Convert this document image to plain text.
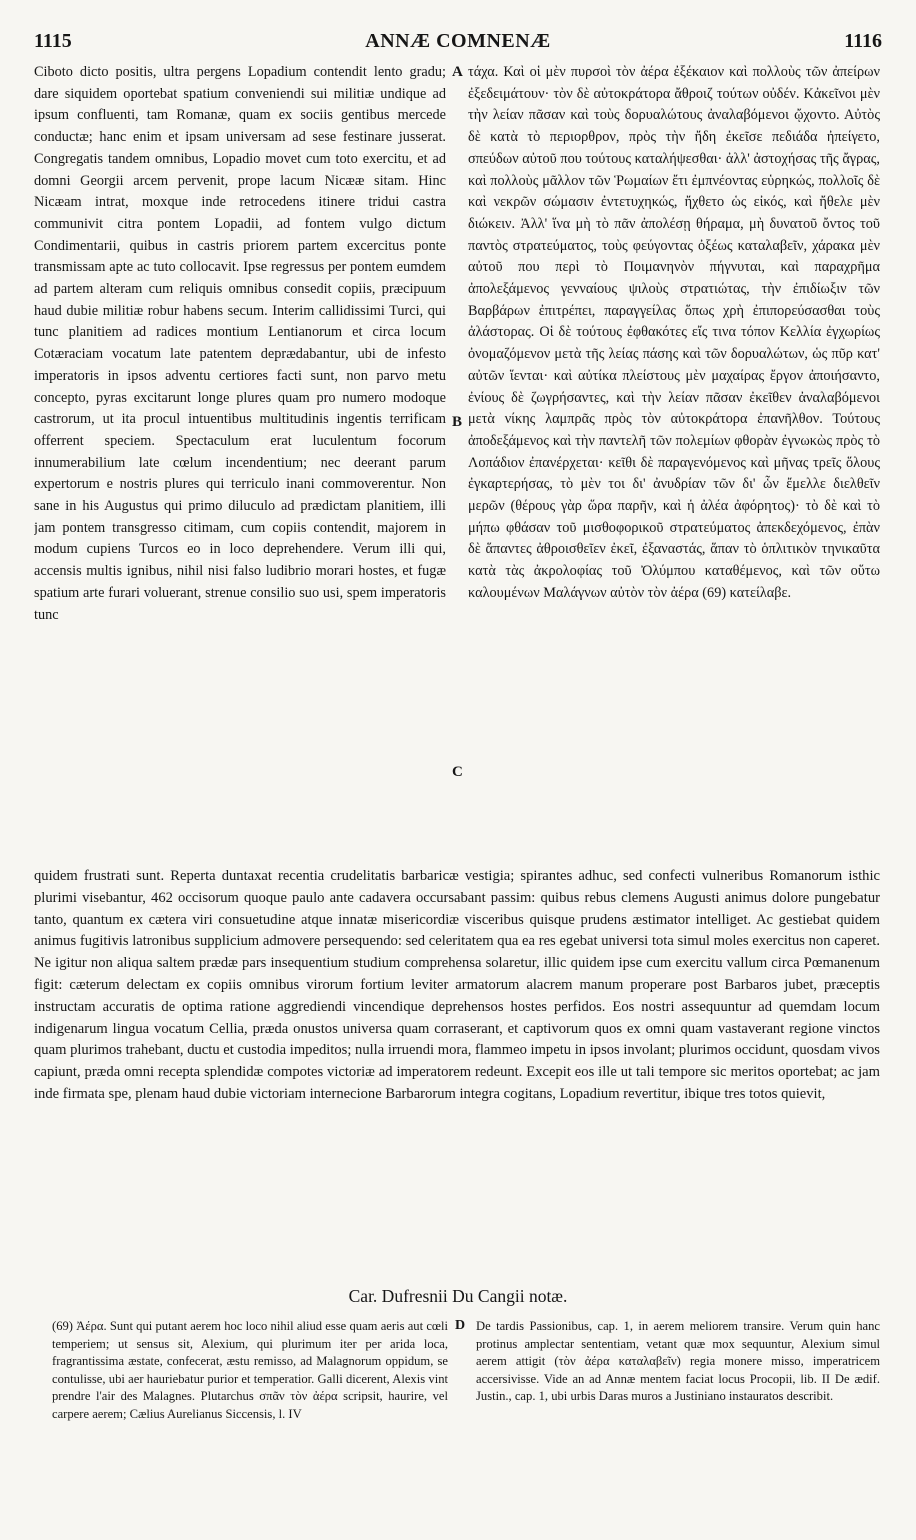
1115	ANNÆ COMNENÆ	1116
Ciboto dicto positis, ultra pergens Lopadium contendit lento gradu; dare siquidem oportebat spatium conveniendi sui militiæ undique ad ipsum confluenti, tam Romanæ, quam ex sociis gentibus mercede conductæ; hanc enim et ipsam universam ad sese festinare jusserat. Congregatis tandem omnibus, Lopadio movet cum toto exercitu, et ad domni Georgii arcem pervenit, prope lacum Nicææ sitam. Hinc Nicæam intrat, moxque inde retrocedens itinere tridui castra communivit citra pontem Lopadii, ad fontem vulgo dictum Condimentarii, quibus in castris priorem partem excercitus ponte transmissam apte ac tuto collocavit. Ipse regressus per pontem eumdem ad partem alteram cum reliquis omnibus consedit copiis, præcipuum haud dubie militiæ robur habens secum. Interim callidissimi Turci, qui tunc planitiem ad radices montium Lentianorum et circa locum Cotæraciam vocatum late patentem deprædabantur, ubi de infesto imperatoris in ipsos adventu certiores facti sunt, non parvo metu concepto, pyras excitarunt longe plures quam pro numero modoque castrorum, ut ita procul intuentibus multitudinis ingentis terrificam offerrent speciem. Spectaculum erat luculentum focorum innumerabilium late cœlum incendentium; nec deerant parum expertorum e nostris plures qui terriculo inani commoverentur. Non sane in his Augustus qui primo diluculo ad prædictam planitiem, illi jam pontem transgresso citimam, cum copiis contendit, majorem in modum cupiens Turcos eo in loco deprehendere. Verum illi qui, accensis multis ignibus, nihil nisi falso ludibrio morari hostes, et fugæ spatium arte furari voluerant, strenue consilio suo usi, spem imperatoris tunc
A
B
C
τάχα. Καὶ οἱ μὲν πυρσοὶ τὸν ἀέρα ἐξέκαιον καὶ πολλοὺς τῶν ἀπείρων ἐξεδειμάτουν· τὸν δὲ αὐτοκράτορα ἄθροιζ τούτων οὐδέν. Κἀκεῖνοι μὲν τὴν λείαν πᾶσαν καὶ τοὺς δορυαλώτους ἀναλαβόμενοι ᾤχοντο. Αὐτὸς δὲ κατὰ τὸ περιορθρον, πρὸς τὴν ἤδη ἐκεῖσε πεδιάδα ἠπείγετο, σπεύδων αὐτοῦ που τούτους καταλήψεσθαι· ἀλλ' ἀστοχήσας τῆς ἄγρας, καὶ πολλοὺς μᾶλλον τῶν Ῥωμαίων ἔτι ἐμπνέοντας εὑρηκώς, πολλοῖς δὲ καὶ νεκρῶν σώμασιν ἐντετυχηκώς, ἤχθετο ὡς εἰκός, καὶ ἤθελε μὲν διώκειν. Ἀλλ' ἵνα μὴ τὸ πᾶν ἀπολέσῃ θήραμα, μὴ δυνατοῦ ὄντος τοῦ παντὸς στρατεύματος, τοὺς φεύγοντας ὀξέως καταλαβεῖν, χάρακα μὲν αὐτοῦ που περὶ τὸ Ποιμανηνὸν πήγνυται, καὶ παραχρῆμα ἀπολεξάμενος γενναίους ψιλοὺς στρατιώτας, τὴν ἐπιδίωξιν τῶν Βαρβάρων ἐπιτρέπει, παραγγείλας ὅπως χρὴ ἐπιπορεύσασθαι τοὺς ἀλάστορας. Οἱ δὲ τούτους ἐφθακότες εἴς τινα τόπον Κελλία ἐγχωρίως ὀνομαζόμενον μετὰ τῆς λείας πάσης καὶ τῶν δορυαλώτων, ὡς πῦρ κατ' αὐτῶν ἵενται· καὶ αὐτίκα πλείστους μὲν μαχαίρας ἔργον ἀποιήσαντο, ἐνίους δὲ ζωγρήσαντες, καὶ τὴν λείαν πᾶσαν ἐκεῖθεν ἀναλαβόμενοι μετὰ νίκης λαμπρᾶς πρὸς τὸν αὐτοκράτορα ἐπανῆλθον. Τούτους ἀποδεξάμενος καὶ τὴν παντελῆ τῶν πολεμίων φθορὰν ἐγνωκὼς πρὸς τὸ Λοπάδιον ἐπανέρχεται· κεῖθι δὲ παραγενόμενος καὶ μῆνας τρεῖς ὅλους ἐγκαρτερήσας, τὸ μὲν τοι δι' ἀνυδρίαν τῶν δι' ὧν ἔμελλε διελθεῖν μερῶν (θέρους γὰρ ὥρα παρῆν, καὶ ἡ ἀλέα ἀφόρητος)· τὸ δὲ καὶ τὸ μήπω φθάσαν τοῦ μισθοφορικοῦ στρατεύματος ἀπεκδεχόμενος, ἐπὰν δὲ ἅπαντες ἀθροισθεῖεν ἐκεῖ, ἐξαναστάς, ἅπαν τὸ ὁπλιτικὸν τηνικαῦτα κατὰ τὰς ἀκρολοφίας τοῦ Ὀλύμπου καταθέμενος, καὶ τῶν οὕτω καλουμένων Μαλάγνων αὐτὸν τὸν ἀέρα (69) κατείλαβε.
quidem frustrati sunt. Reperta duntaxat recentia crudelitatis barbaricæ vestigia; spirantes adhuc, sed confecti vulneribus Romanorum isthic plurimi visebantur, 462 occisorum quoque paulo ante cadavera occursabant passim: quibus rebus clemens Augusti animus dolore pungebatur tanto, quantum ex cætera viri consuetudine atque innatæ misericordiæ visceribus quisque prudens æstimator intelliget. Ac gestiebat quidem animus fugitivis latronibus supplicium admovere persequendo: sed celeritatem qua ea res egebat universi tota simul moles exercitus non caperet. Ne igitur non aliqua saltem prædæ pars insequentium studium comprehensa solaretur, illic quidem ipse cum exercitu vallum circa Pœmanenum figit: cæterum delectam ex copiis omnibus virorum fortium leviter armatorum alacrem manum properare post Barbaros jubet, præceptis instructam accuratis de optima ratione aggrediendi vincendique deprehensos hostes perfidos. Eos nostri assequuntur ad quemdam locum indigenarum lingua vocatum Cellia, præda onustos universa quam corraserant, et captivorum quos ex omni quam vastaverant regione vinctos quam plurimos trahebant, ductu et custodia impeditos; nulla irruendi mora, flammeo impetu in ipsos involant; plurimos occidunt, quosdam vivos capiunt, præda omni recepta splendidæ compotes victoriæ ad imperatorem redeunt. Excepit eos ille ut tali tempore sic meritos oportebat; ac jam inde firmata spe, plenam haud dubie victoriam internecione Barbarorum integra cogitans, Lopadium revertitur, ibique tres totos quievit,
Car. Dufresnii Du Cangii notæ.
(69) Ἀέρα. Sunt qui putant aerem hoc loco nihil aliud esse quam aeris aut cœli temperiem; ut sensus sit, Alexium, qui plurimum iter per arida loca, fragrantissima æstate, confecerat, æstu remisso, ad Malagnorum oppidum, se contulisse, ubi aer hauriebatur purior et temperatior. Galli dicerent, Alexis vint prendre l'air des Malagnes. Plutarchus σπᾶν τὸν ἀέρα scripsit, haurire, vel carpere aerem; Cælius Aurelianus Siccensis, l. IV
D De tardis Passionibus, cap. 1, in aerem meliorem transire. Verum quin hanc protinus amplectar sententiam, vetant quæ mox sequuntur, Alexium simul aerem attigit (τὸν ἀέρα καταλαβεῖν) regia monere misso, imperatricem accersivisse. Vide an ad Annæ mentem faciat locus Procopii, lib. II De ædif. Justin., cap. 1, ubi urbis Daras muros a Justiniano instauratos describit.
